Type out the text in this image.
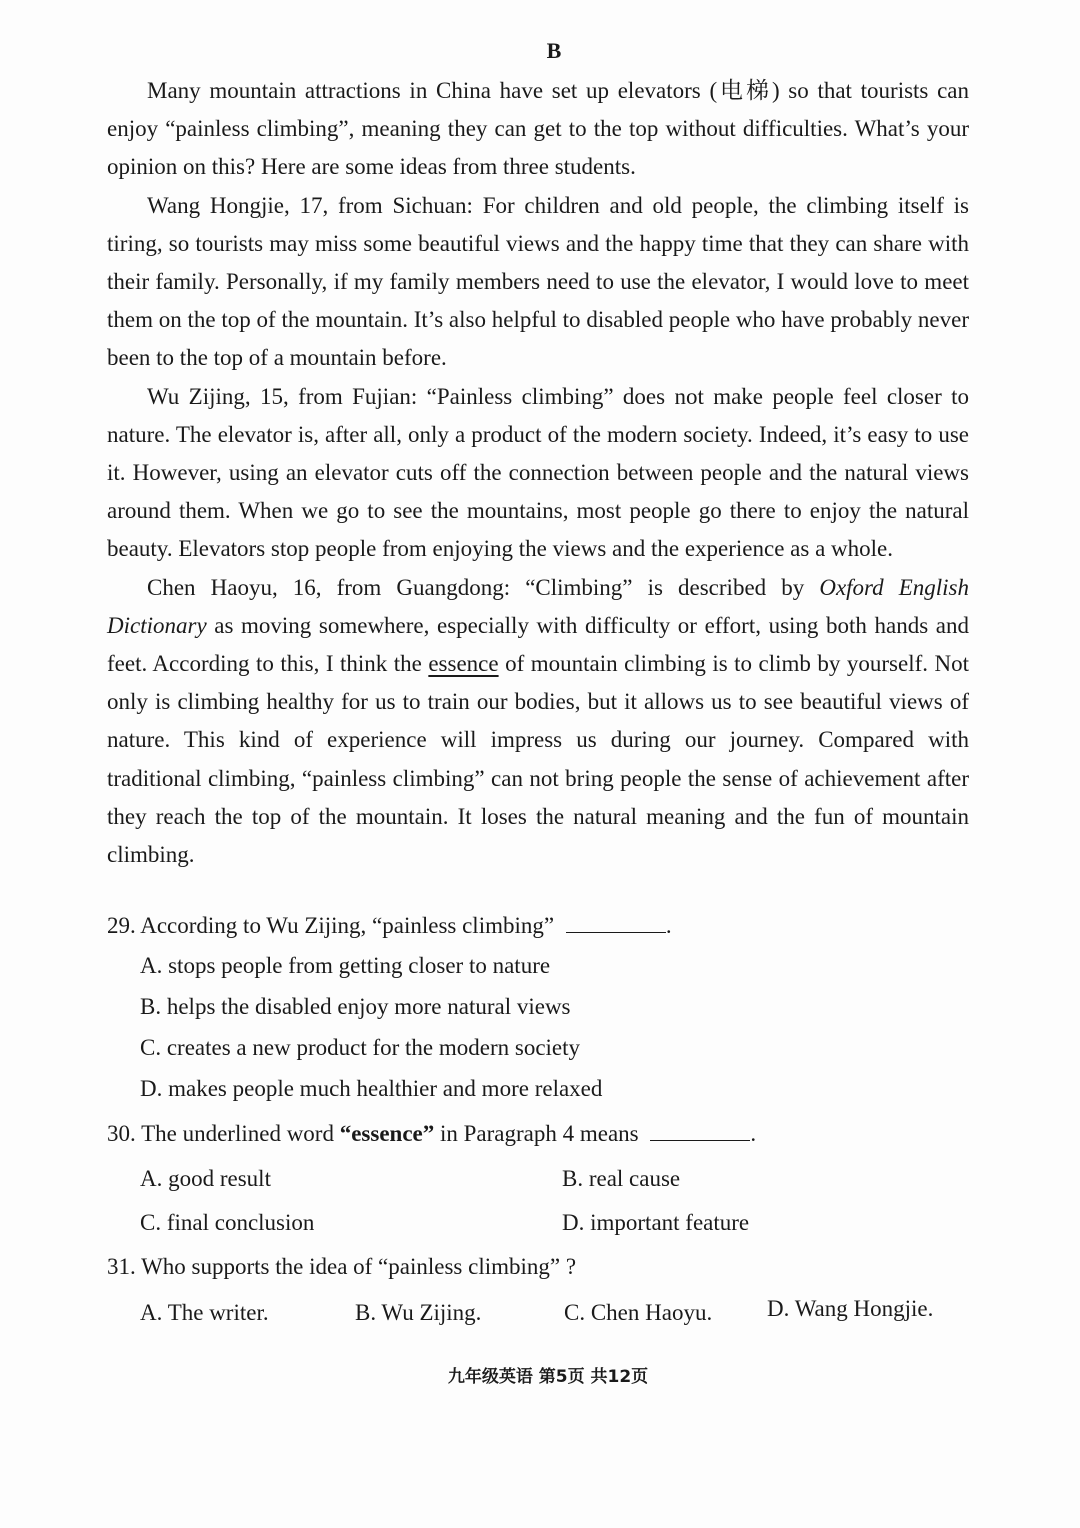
B

Many mountain attractions in China have set up elevators (电梯) so that tourists can enjoy “painless climbing”, meaning they can get to the top without difficulties. What’s your opinion on this? Here are some ideas from three students.

Wang Hongjie, 17, from Sichuan: For children and old people, the climbing itself is tiring, so tourists may miss some beautiful views and the happy time that they can share with their family. Personally, if my family members need to use the elevator, I would love to meet them on the top of the mountain. It’s also helpful to disabled people who have probably never been to the top of a mountain before.

Wu Zijing, 15, from Fujian: “Painless climbing” does not make people feel closer to nature. The elevator is, after all, only a product of the modern society. Indeed, it’s easy to use it. However, using an elevator cuts off the connection between people and the natural views around them. When we go to see the mountains, most people go there to enjoy the natural beauty. Elevators stop people from enjoying the views and the experience as a whole.

Chen Haoyu, 16, from Guangdong: “Climbing” is described by Oxford English Dictionary as moving somewhere, especially with difficulty or effort, using both hands and feet. According to this, I think the essence of mountain climbing is to climb by yourself. Not only is climbing healthy for us to train our bodies, but it allows us to see beautiful views of nature. This kind of experience will impress us during our journey. Compared with traditional climbing, “painless climbing” can not bring people the sense of achievement after they reach the top of the mountain. It loses the natural meaning and the fun of mountain climbing.

29. According to Wu Zijing, “painless climbing”	.
A. stops people from getting closer to nature
B. helps the disabled enjoy more natural views
C. creates a new product for the modern society
D. makes people much healthier and more relaxed
30. The underlined word “essence” in Paragraph 4 means	.
A. good result	B. real cause
C. final conclusion	D. important feature
31. Who supports the idea of “painless climbing” ?
A. The writer.	B. Wu Zijing.	C. Chen Haoyu. D. Wang Hongjie.
九年级英语 第5页 共12页
